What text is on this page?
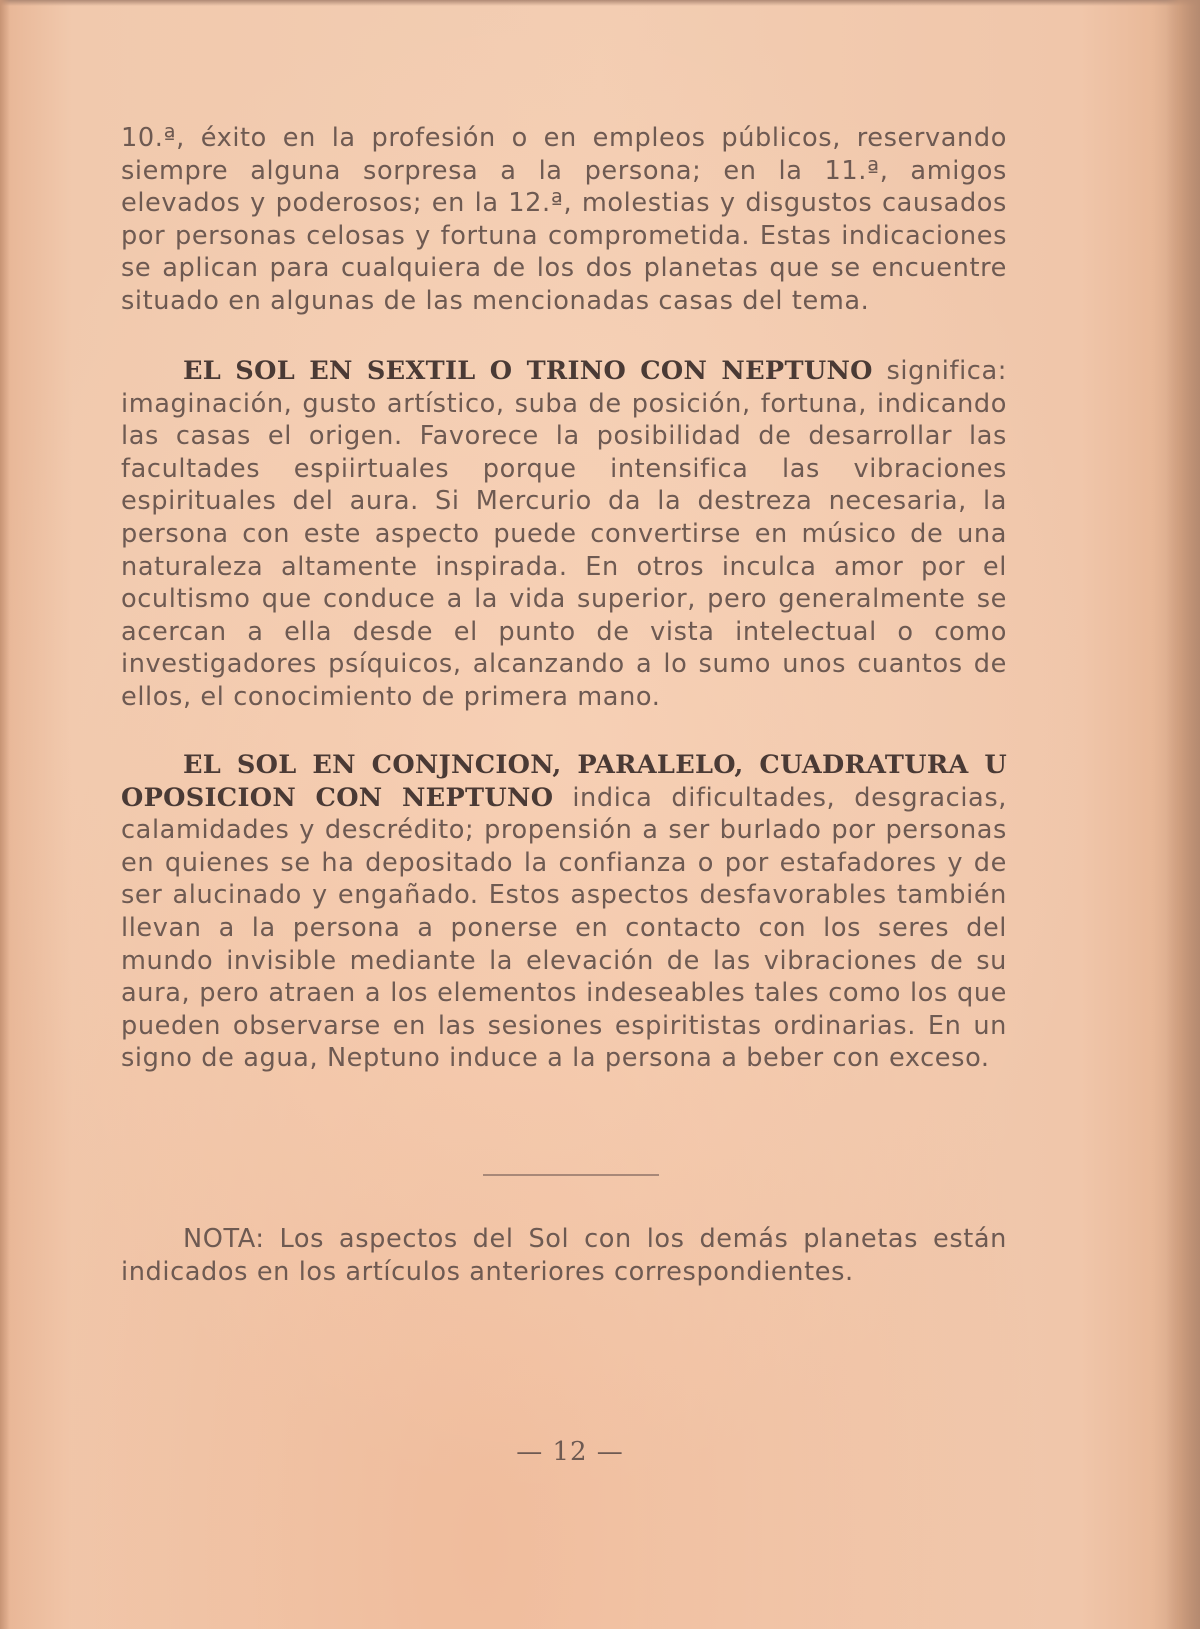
10.ª, éxito en la profesión o en empleos públicos, reservando siempre alguna sorpresa a la persona; en la 11.ª, amigos elevados y poderosos; en la 12.ª, molestias y disgustos causados por personas celosas y fortuna comprometida. Estas indicaciones se aplican para cualquiera de los dos planetas que se encuentre situado en algunas de las mencionadas casas del tema.

EL SOL EN SEXTIL O TRINO CON NEPTUNO significa: imaginación, gusto artístico, suba de posición, fortuna, indicando las casas el origen. Favorece la posibilidad de desarrollar las facultades espiirtuales porque intensifica las vibraciones espirituales del aura. Si Mercurio da la destreza necesaria, la persona con este aspecto puede convertirse en músico de una naturaleza altamente inspirada. En otros inculca amor por el ocultismo que conduce a la vida superior, pero generalmente se acercan a ella desde el punto de vista intelectual o como investigadores psíquicos, alcanzando a lo sumo unos cuantos de ellos, el conocimiento de primera mano.

EL SOL EN CONJNCION, PARALELO, CUADRATURA U OPOSICION CON NEPTUNO indica dificultades, desgracias, calamidades y descrédito; propensión a ser burlado por personas en quienes se ha depositado la confianza o por estafadores y de ser alucinado y engañado. Estos aspectos desfavorables también llevan a la persona a ponerse en contacto con los seres del mundo invisible mediante la elevación de las vibraciones de su aura, pero atraen a los elementos indeseables tales como los que pueden observarse en las sesiones espiritistas ordinarias. En un signo de agua, Neptuno induce a la persona a beber con exceso.

NOTA: Los aspectos del Sol con los demás planetas están indicados en los artículos anteriores correspondientes.

— 12 —
